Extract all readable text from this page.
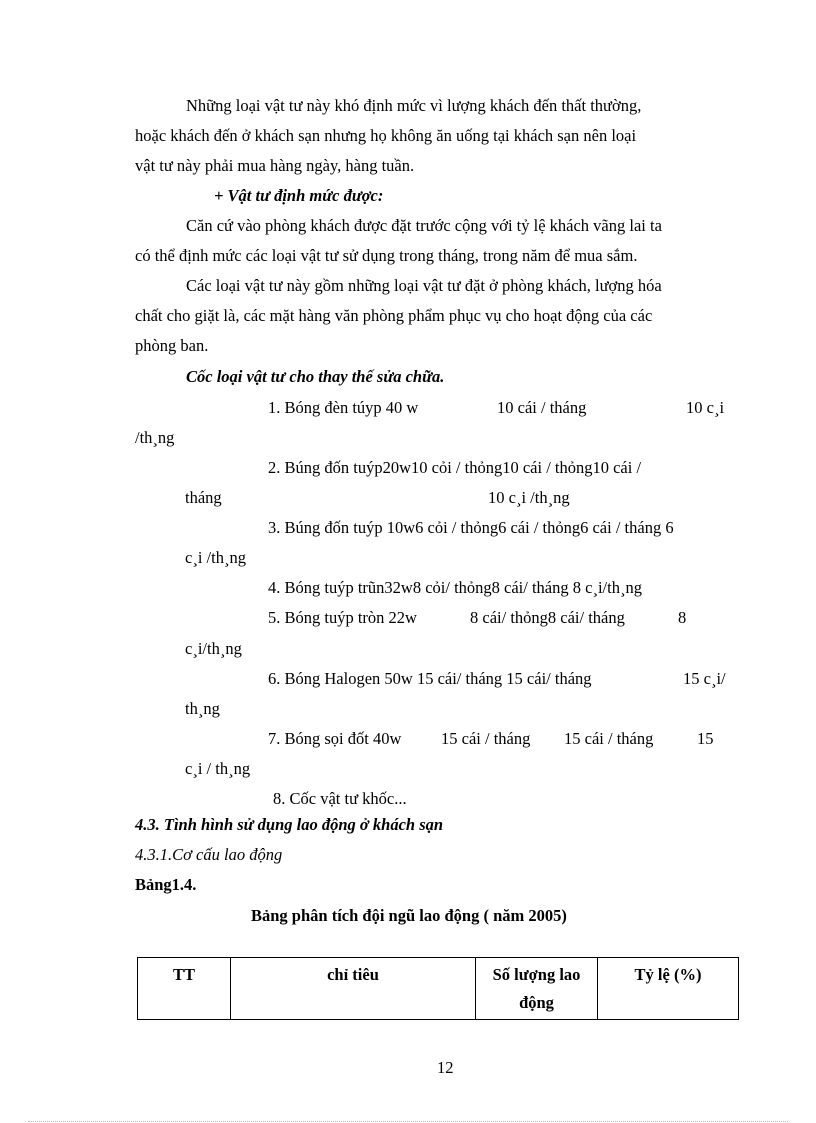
Những loại vật tư này khó định mức vì lượng khách đến thất thường,
hoặc khách đến ở khách sạn nhưng họ không ăn uống tại khách sạn nên loại
vật tư này phải mua hàng ngày, hàng tuần.
+ Vật tư định mức được:
Căn cứ vào phòng khách được đặt trước cộng với tỷ lệ khách vãng lai ta
có thể định mức các loại vật tư sử dụng trong tháng, trong năm để mua sắm.
Các loại vật tư này gồm những loại vật tư đặt ở phòng khách, lượng hóa
chất cho giặt là, các mặt hàng văn phòng phẩm phục vụ cho hoạt động của các
phòng ban.
Cốc loại vật tư cho thay thế sửa chữa.
1. Bóng đèn túyp 40 w	10 cái / tháng	10 c¸i
/th¸ng
2. Búng đốn tuýp20w10 cỏi / thỏng10 cái / thỏng10 cái /
tháng	10 c¸i /th¸ng
3. Búng đốn tuýp 10w6 cỏi / thỏng6 cái / thỏng6 cái / tháng 6
c¸i /th¸ng
4. Bóng tuýp trũn32w8 cỏi/ thỏng8 cái/ tháng 8 c¸i/th¸ng
5. Bóng tuýp tròn 22w	8 cái/ thỏng8 cái/ tháng	8
c¸i/th¸ng
6. Bóng Halogen 50w 15 cái/ tháng 15 cái/ tháng	15 c¸i/
th¸ng
7. Bóng sọi đốt 40w 15 cái / tháng 15 cái / tháng	15
c¸i / th¸ng
8. Cốc vật tư khốc...
4.3. Tình hình sử dụng lao động ở khách sạn
4.3.1.Cơ cấu lao động
Bảng1.4.
Bảng phân tích đội ngũ lao động ( năm 2005)
TT	chỉ tiêu	Số lượng lao động	Tỷ lệ (%)
12
